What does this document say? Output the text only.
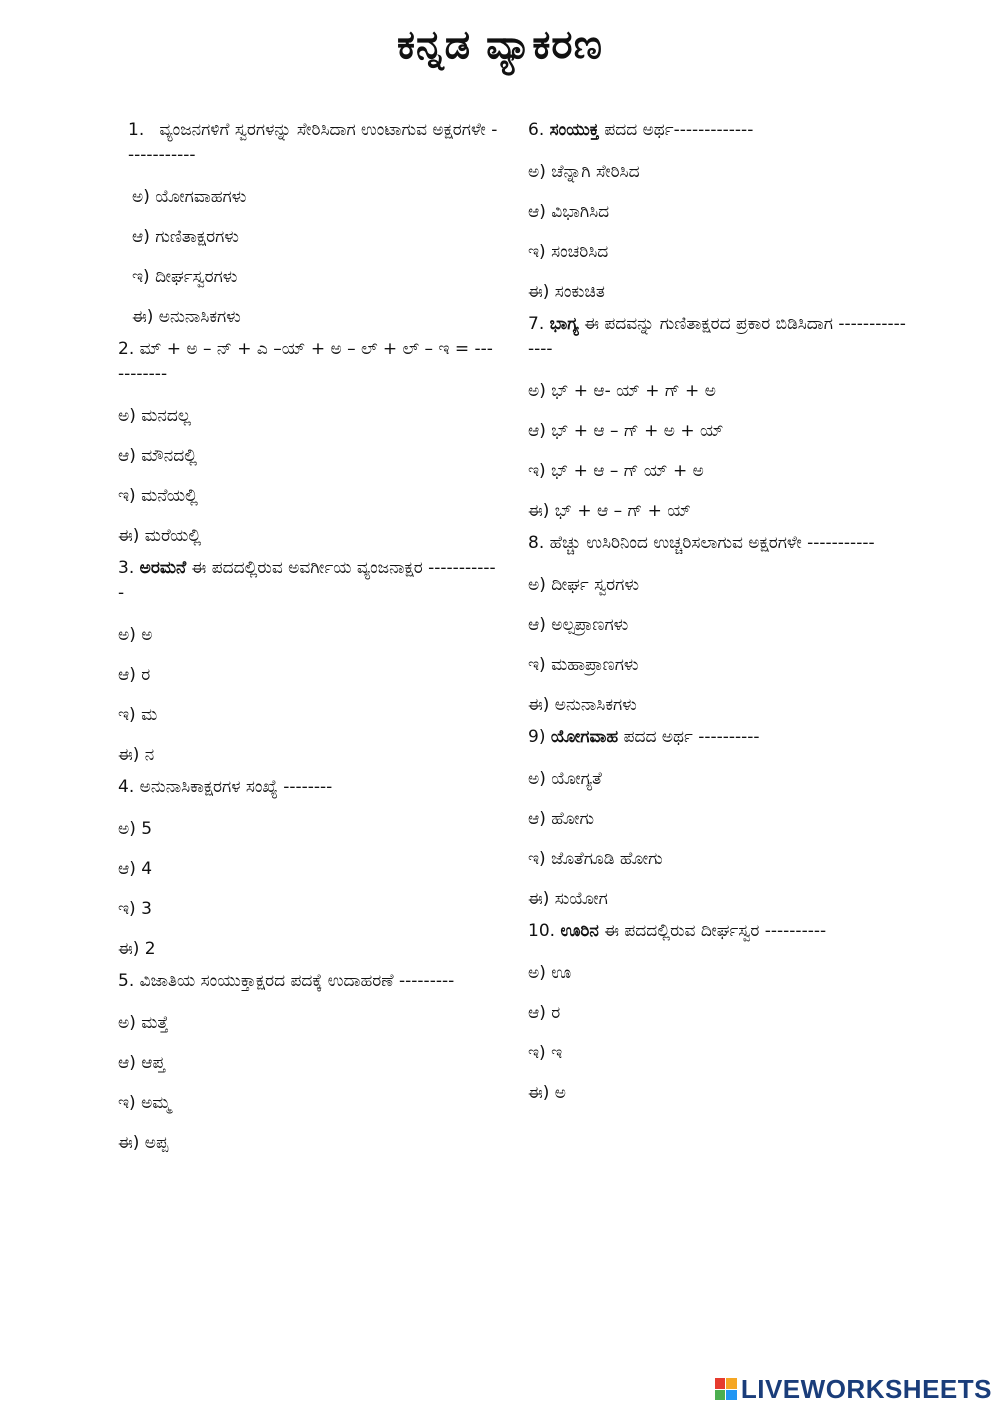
ಕನ್ನಡ ವ್ಯಾಕರಣ
1. ವ್ಯಂಜನಗಳಿಗೆ ಸ್ವರಗಳನ್ನು ಸೇರಿಸಿದಾಗ ಉಂಟಾಗುವ ಅಕ್ಷರಗಳೇ ------------
ಅ) ಯೋಗವಾಹಗಳು
ಆ) ಗುಣಿತಾಕ್ಷರಗಳು
ಇ) ದೀರ್ಘಸ್ವರಗಳು
ಈ) ಅನುನಾಸಿಕಗಳು
2. ಮ್ + ಅ – ನ್ + ಎ –ಯ್ + ಅ – ಲ್ + ಲ್ – ಇ = -----------
ಅ) ಮನದಲ್ಲ
ಆ) ಮೌನದಲ್ಲಿ
ಇ) ಮನೆಯಲ್ಲಿ
ಈ) ಮರೆಯಲ್ಲಿ
3. ಅರಮನೆ ಈ ಪದದಲ್ಲಿರುವ ಅವರ್ಗೀಯ ವ್ಯಂಜನಾಕ್ಷರ ------------
ಅ) ಅ
ಆ) ರ
ಇ) ಮ
ಈ) ನ
4. ಅನುನಾಸಿಕಾಕ್ಷರಗಳ ಸಂಖ್ಯೆ --------
ಅ) 5
ಆ) 4
ಇ) 3
ಈ) 2
5. ವಿಜಾತಿಯ ಸಂಯುಕ್ತಾಕ್ಷರದ ಪದಕ್ಕೆ ಉದಾಹರಣೆ ---------
ಅ) ಮತ್ತೆ
ಆ) ಆಪ್ತ
ಇ) ಅಮ್ಮ
ಈ) ಅಪ್ಪ
6. ಸಂಯುಕ್ತ ಪದದ ಅರ್ಥ-------------
ಅ) ಚೆನ್ನಾಗಿ ಸೇರಿಸಿದ
ಆ) ವಿಭಾಗಿಸಿದ
ಇ) ಸಂಚರಿಸಿದ
ಈ) ಸಂಕುಚಿತ
7. ಭಾಗ್ಯ ಈ ಪದವನ್ನು ಗುಣಿತಾಕ್ಷರದ ಪ್ರಕಾರ ಬಿಡಿಸಿದಾಗ ---------------
ಅ) ಭ್ + ಆ- ಯ್ + ಗ್ + ಅ
ಆ) ಭ್ + ಆ – ಗ್ + ಅ + ಯ್
ಇ) ಭ್ + ಆ – ಗ್ ಯ್ + ಅ
ಈ) ಭ್ + ಆ – ಗ್ + ಯ್
8. ಹೆಚ್ಚು ಉಸಿರಿನಿಂದ ಉಚ್ಚರಿಸಲಾಗುವ ಅಕ್ಷರಗಳೇ -----------
ಅ) ದೀರ್ಘ ಸ್ವರಗಳು
ಆ) ಅಲ್ಪಪ್ರಾಣಗಳು
ಇ) ಮಹಾಪ್ರಾಣಗಳು
ಈ) ಅನುನಾಸಿಕಗಳು
9) ಯೋಗವಾಹ ಪದದ ಅರ್ಥ ----------
ಅ) ಯೋಗ್ಯತೆ
ಆ) ಹೋಗು
ಇ) ಜೊತೆಗೂಡಿ ಹೋಗು
ಈ) ಸುಯೋಗ
10. ಊರಿನ ಈ ಪದದಲ್ಲಿರುವ ದೀರ್ಘಸ್ವರ ----------
ಅ) ಊ
ಆ) ರ
ಇ) ಇ
ಈ) ಅ
LIVEWORKSHEETS
